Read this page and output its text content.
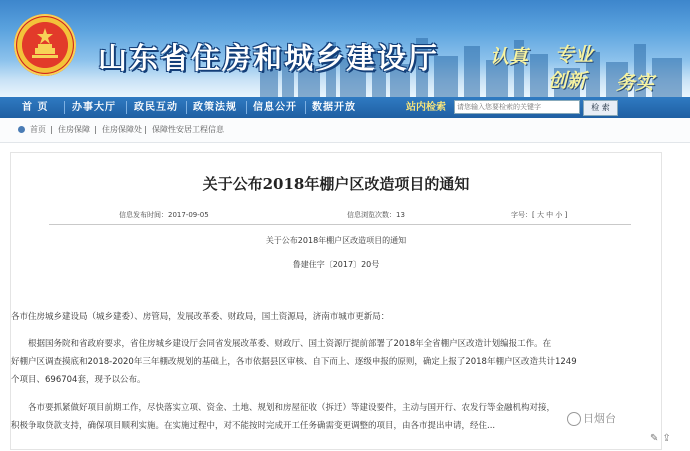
山东省住房和城乡建设厅	认真 专业
创新 务实
首 页 办事大厅 政民互动 政策法规 信息公开 数据开放	站内检索
请您输入您要检索的关键字	检 索
首页 | 住房保障 | 住房保障处 | 保障性安居工程信息
关于公布2018年棚户区改造项目的通知
信息发布时间：2017-09-05	信息浏览次数：13	字号：[ 大 中 小 ]
关于公布2018年棚户区改造项目的通知
鲁建住字〔2017〕20号
各市住房城乡建设局（城乡建委）、房管局，发展改革委、财政局，国土资源局，济南市城市更新局：
根据国务院和省政府要求，省住房城乡建设厅会同省发展改革委、财政厅、国土资源厅提前部署了2018年全省棚户区改造计划编报工作。在
好棚户区调查摸底和2018-2020年三年棚改规划的基础上，各市依据县区审核、自下而上、逐级申报的原则，确定上报了2018年棚户区改造共计1249
个项目、696704套，现予以公布。
各市要抓紧做好项目前期工作，尽快落实立项、资金、土地、规划和房屋征收（拆迁）等建设要件，主动与国开行、农发行等金融机构对接，
积极争取贷款支持，确保项目顺利实施。在实施过程中，对不能按时完成开工任务确需变更调整的项目，由各市提出申请，经住...
日烟台
✎⇪
